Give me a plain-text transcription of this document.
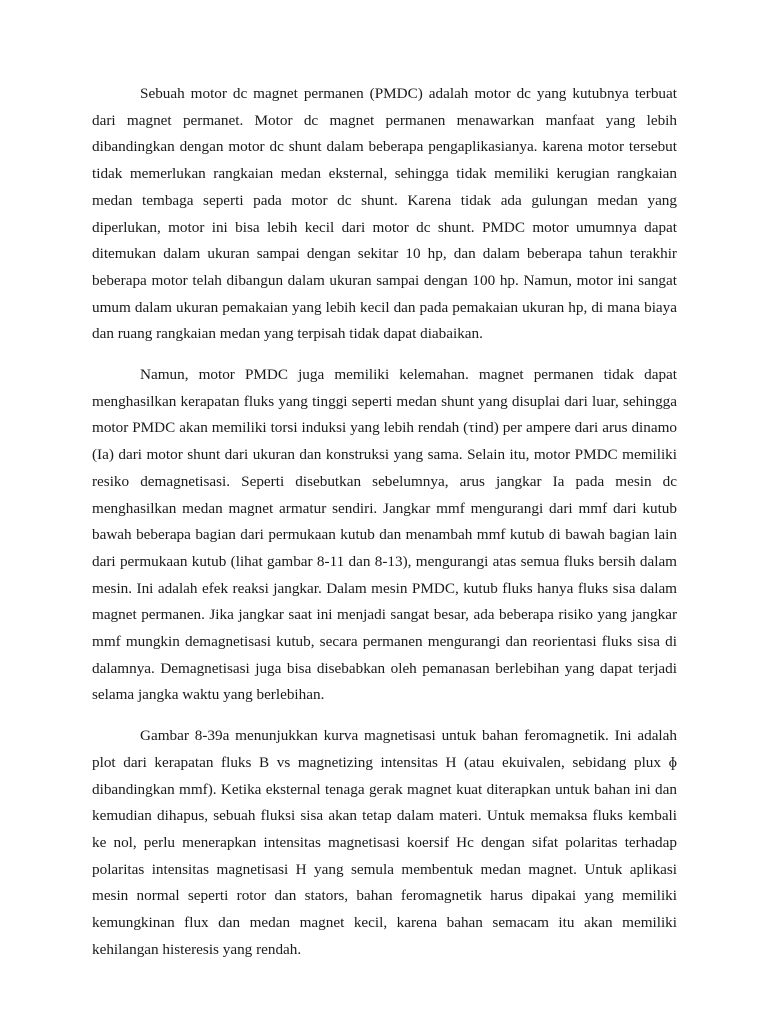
Sebuah motor dc magnet permanen (PMDC) adalah motor dc yang kutubnya terbuat dari magnet permanet. Motor dc magnet permanen menawarkan manfaat yang lebih dibandingkan dengan motor dc shunt dalam beberapa pengaplikasianya. karena motor tersebut tidak memerlukan rangkaian medan eksternal, sehingga tidak memiliki kerugian rangkaian medan tembaga seperti pada motor dc shunt. Karena tidak ada gulungan medan yang diperlukan, motor ini bisa lebih kecil dari motor dc shunt. PMDC motor umumnya dapat ditemukan dalam ukuran sampai dengan sekitar 10 hp, dan dalam beberapa tahun terakhir beberapa motor telah dibangun dalam ukuran sampai dengan 100 hp. Namun, motor ini sangat umum dalam ukuran pemakaian yang lebih kecil dan pada pemakaian ukuran hp, di mana biaya dan ruang rangkaian medan yang terpisah tidak dapat diabaikan.

Namun, motor PMDC juga memiliki kelemahan. magnet permanen tidak dapat menghasilkan kerapatan fluks yang tinggi seperti medan shunt yang disuplai dari luar, sehingga motor PMDC akan memiliki torsi induksi yang lebih rendah (τind) per ampere dari arus dinamo (Ia) dari motor shunt dari ukuran dan konstruksi yang sama. Selain itu, motor PMDC memiliki resiko demagnetisasi. Seperti disebutkan sebelumnya, arus jangkar Ia pada mesin dc menghasilkan medan magnet armatur sendiri. Jangkar mmf mengurangi dari mmf dari kutub bawah beberapa bagian dari permukaan kutub dan menambah mmf kutub di bawah bagian lain dari permukaan kutub (lihat gambar 8-11 dan 8-13), mengurangi atas semua fluks bersih dalam mesin. Ini adalah efek reaksi jangkar. Dalam mesin PMDC, kutub fluks hanya fluks sisa dalam magnet permanen. Jika jangkar saat ini menjadi sangat besar, ada beberapa risiko yang jangkar mmf mungkin demagnetisasi kutub, secara permanen mengurangi dan reorientasi fluks sisa di dalamnya. Demagnetisasi juga bisa disebabkan oleh pemanasan berlebihan yang dapat terjadi selama jangka waktu yang berlebihan.

Gambar 8-39a menunjukkan kurva magnetisasi untuk bahan feromagnetik. Ini adalah plot dari kerapatan fluks B vs magnetizing intensitas H (atau ekuivalen, sebidang plux ɸ dibandingkan mmf). Ketika eksternal tenaga gerak magnet kuat diterapkan untuk bahan ini dan kemudian dihapus, sebuah fluksi sisa akan tetap dalam materi. Untuk memaksa fluks kembali ke nol, perlu menerapkan intensitas magnetisasi koersif Hc dengan sifat polaritas terhadap polaritas intensitas magnetisasi H yang semula membentuk medan magnet. Untuk aplikasi mesin normal seperti rotor dan stators, bahan feromagnetik harus dipakai yang memiliki kemungkinan flux dan medan magnet kecil, karena bahan semacam itu akan memiliki kehilangan histeresis yang rendah.
